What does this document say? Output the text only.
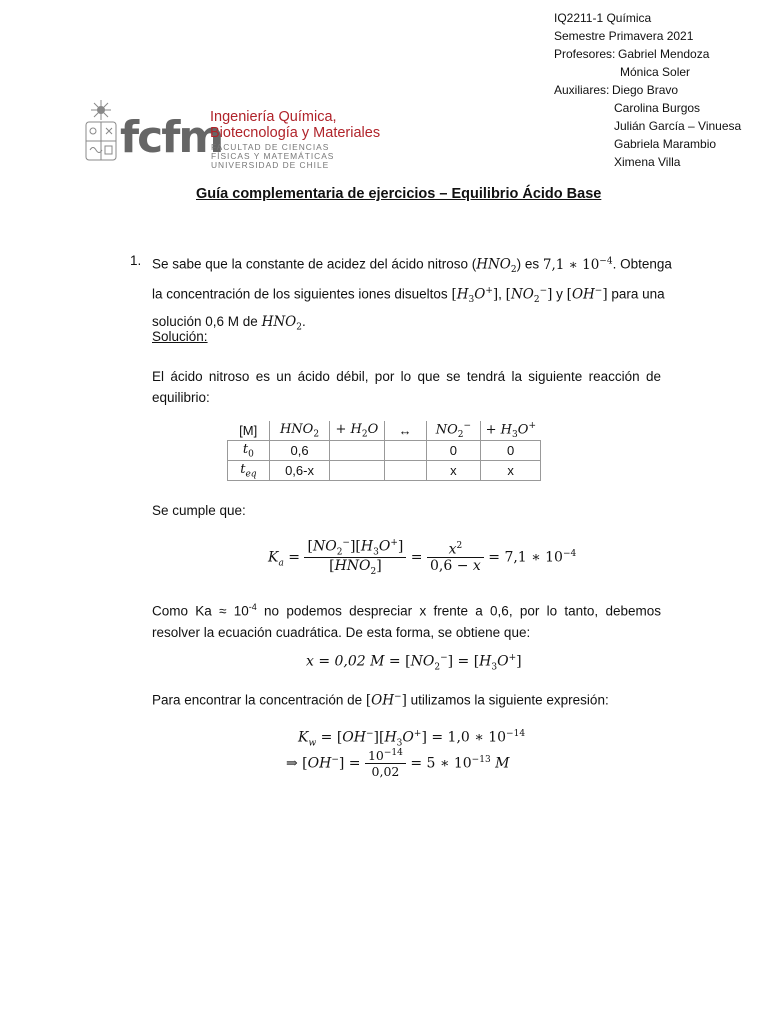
IQ2211-1 Química
Semestre Primavera 2021
Profesores: Gabriel Mendoza
Mónica Soler
Auxiliares: Diego Bravo
Carolina Burgos
Julián García – Vinuesa
Gabriela Marambio
Ximena Villa
fcfm
Ingeniería Química,
Biotecnología y Materiales
FACULTAD DE CIENCIAS
FÍSICAS Y MATEMÁTICAS
UNIVERSIDAD DE CHILE
Guía complementaria de ejercicios – Equilibrio Ácido Base
1. Se sabe que la constante de acidez del ácido nitroso $(HNO_2)$ es 7,1 ∗ $10^{-4}$. Obtenga
la concentración de los siguientes iones disueltos $[H_3O^+]$, $[NO_2^-]$ y [OH−] para una
solución 0,6 M de $HNO_2$.
Solución:
El ácido nitroso es un ácido débil, por lo que se tendrá la siguiente reacción de equilibrio:
[M]	$HNO_2$	+ $H_2O$	↔	$NO_2^-$	+ $H_3O^+$
$t_0$	0,6			0	0
$t_{eq}$	0,6-x			x	x
Se cumple que:
$K_a = \frac{[NO_2^-][H_3O^+]}{[HNO_2]} = \frac{x^2}{0,6 - x} = 7,1$ ∗ $10^{-4}$
Como $Ka \approx 10^{-4}$ no podemos despreciar x frente a 0,6, por lo tanto, debemos
resolver la ecuación cuadrática. De esta forma, se obtiene que:
x = 0,02 $M = [NO_2^-] = [H_3O^+]$
Para encontrar la concentración de [OH−] utilizamos la siguiente expresión:
$K_w = [OH^-][H_3O^+] = 1,0$ ∗ $10^{-14}$
⇒ $[OH^-] = \frac{10^{-14}}{0,02} = 5$ ∗ $10^{-13}$ M
